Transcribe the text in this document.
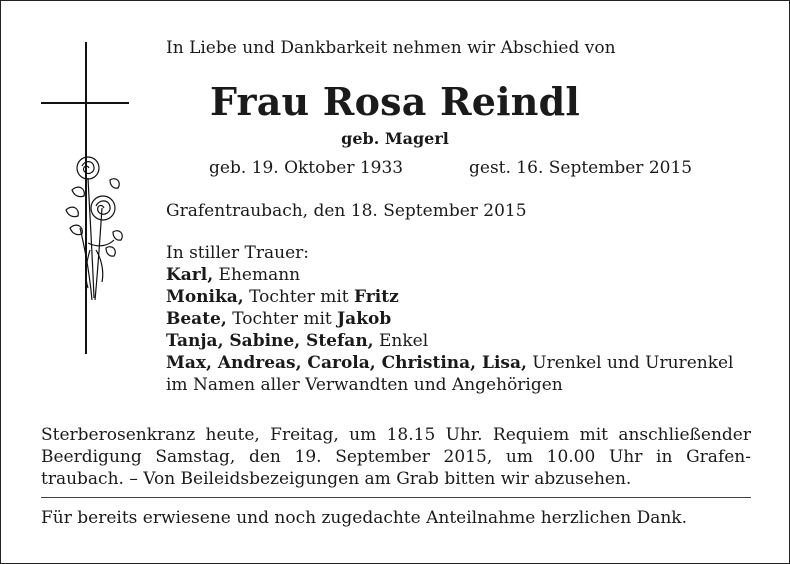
In Liebe und Dankbarkeit nehmen wir Abschied von
Frau Rosa Reindl
geb. Magerl
geb. 19. Oktober 1933	gest. 16. September 2015
Grafentraubach, den 18. September 2015
In stiller Trauer:
Karl, Ehemann
Monika, Tochter mit Fritz
Beate, Tochter mit Jakob
Tanja, Sabine, Stefan, Enkel
Max, Andreas, Carola, Christina, Lisa, Urenkel und Ururenkel
im Namen aller Verwandten und Angehörigen
Sterberosenkranz heute, Freitag, um 18.15 Uhr. Requiem mit anschließender
Beerdigung Samstag, den 19. September 2015, um 10.00 Uhr in Grafen-
traubach. – Von Beileidsbezeigungen am Grab bitten wir abzusehen.
Für bereits erwiesene und noch zugedachte Anteilnahme herzlichen Dank.
